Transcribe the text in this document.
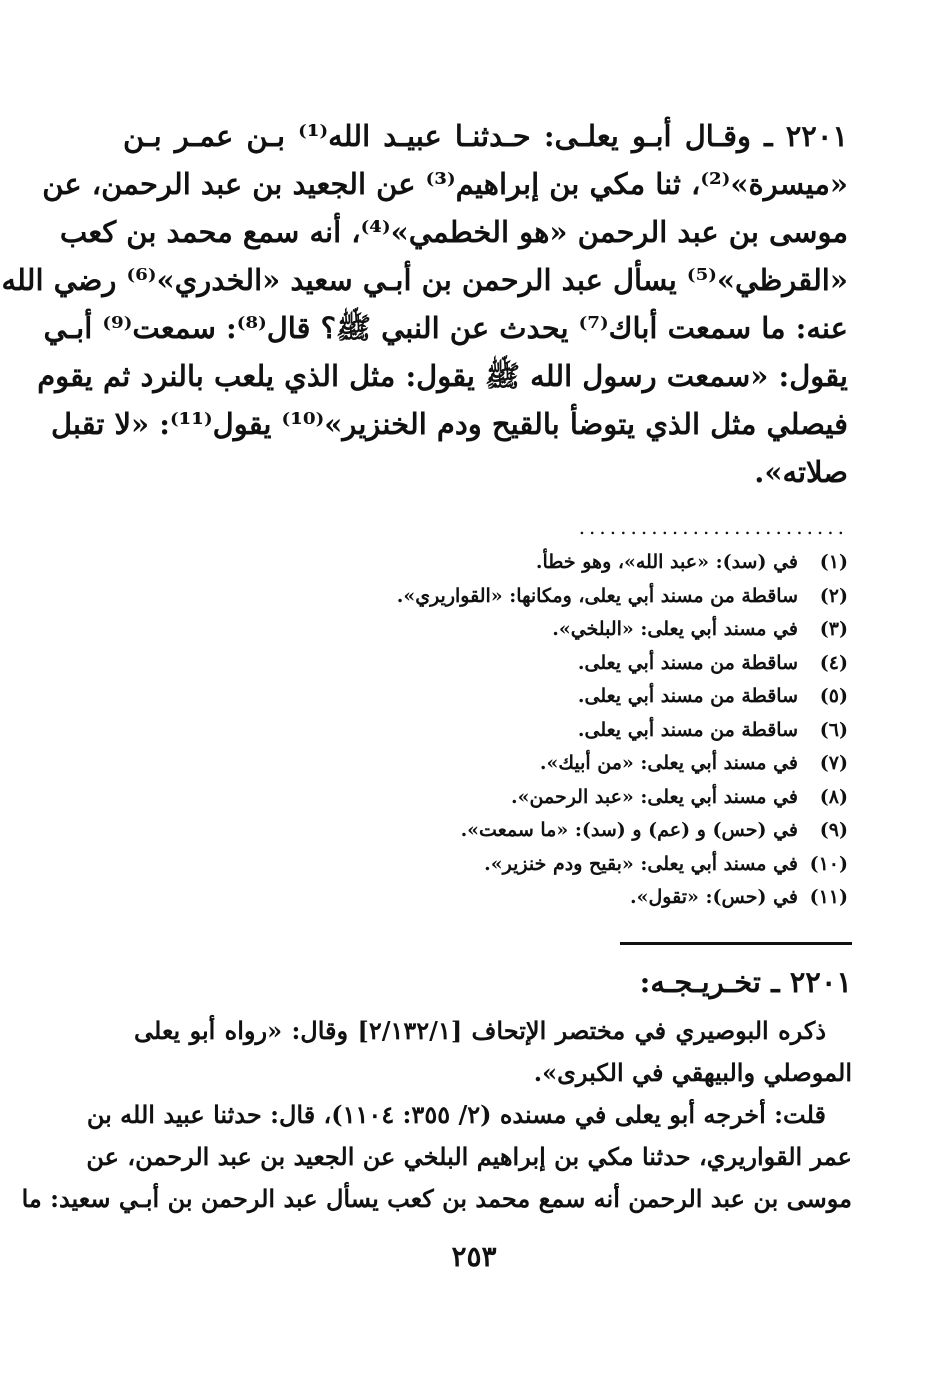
٢٢٠١ ـ وقـال أبـو يعلـى: حـدثنـا عبيـد الله⁽¹⁾ بـن عمـر بـن
«ميسرة»⁽²⁾، ثنا مكي بن إبراهيم⁽³⁾ عن الجعيد بن عبد الرحمن، عن
موسى بن عبد الرحمن «هو الخطمي»⁽⁴⁾، أنه سمع محمد بن كعب
«القرظي»⁽⁵⁾ يسأل عبد الرحمن بن أبـي سعيد «الخدري»⁽⁶⁾ رضي الله
عنه: ما سمعت أباك⁽⁷⁾ يحدث عن النبي ﷺ؟ قال⁽⁸⁾: سمعت⁽⁹⁾ أبـي
يقول: «سمعت رسول الله ﷺ يقول: مثل الذي يلعب بالنرد ثم يقوم
فيصلي مثل الذي يتوضأ بالقيح ودم الخنزير»⁽¹⁰⁾ يقول⁽¹¹⁾: «لا تقبل
صلاته».
..........................
(١)
في (سد): «عبد الله»، وهو خطأ.
(٢)
ساقطة من مسند أبي يعلى، ومكانها: «القواريري».
(٣)
في مسند أبي يعلى: «البلخي».
(٤)
ساقطة من مسند أبي يعلى.
(٥)
ساقطة من مسند أبي يعلى.
(٦)
ساقطة من مسند أبي يعلى.
(٧)
في مسند أبي يعلى: «من أبيك».
(٨)
في مسند أبي يعلى: «عبد الرحمن».
(٩)
في (حس) و (عم) و (سد): «ما سمعت».
(١٠)
في مسند أبي يعلى: «بقيح ودم خنزير».
(١١)
في (حس): «تقول».
٢٢٠١ ـ تخـريـجـه:
ذكره البوصيري في مختصر الإتحاف [٢/١٣٢/١] وقال: «رواه أبو يعلى
الموصلي والبيهقي في الكبرى».
قلت: أخرجه أبو يعلى في مسنده (٢/ ٣٥٥: ١١٠٤)، قال: حدثنا عبيد الله بن
عمر القواريري، حدثنا مكي بن إبراهيم البلخي عن الجعيد بن عبد الرحمن، عن
موسى بن عبد الرحمن أنه سمع محمد بن كعب يسأل عبد الرحمن بن أبـي سعيد: ما
٢٥٣
